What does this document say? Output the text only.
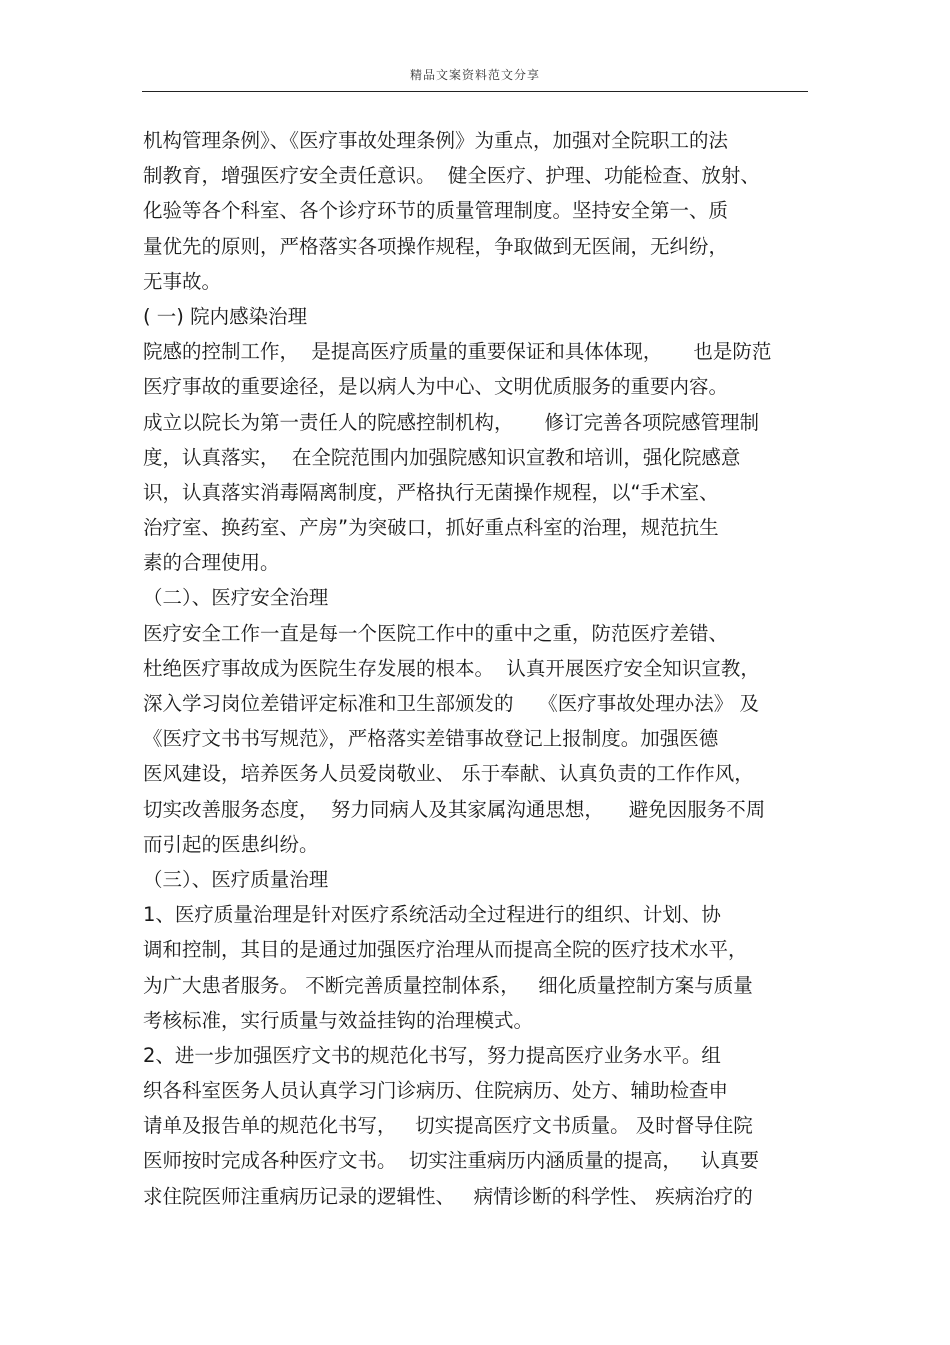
精品文案资料范文分享
机构管理条例》、《医疗事故处理条例》为重点，加强对全院职工的法
制教育，增强医疗安全责任意识。  健全医疗、护理、功能检查、放射、
化验等各个科室、各个诊疗环节的质量管理制度。坚持安全第一、质
量优先的原则，严格落实各项操作规程，争取做到无医闹，无纠纷，
无事故。
( 一) 院内感染治理
院感的控制工作，  是提高医疗质量的重要保证和具体体现，     也是防范
医疗事故的重要途径，是以病人为中心、文明优质服务的重要内容。
成立以院长为第一责任人的院感控制机构，     修订完善各项院感管理制
度，认真落实，  在全院范围内加强院感知识宣教和培训，强化院感意
识，认真落实消毒隔离制度，严格执行无菌操作规程，以“手术室、
治疗室、换药室、产房”为突破口，抓好重点科室的治理，规范抗生
素的合理使用。
（二）、医疗安全治理
医疗安全工作一直是每一个医院工作中的重中之重，防范医疗差错、
杜绝医疗事故成为医院生存发展的根本。  认真开展医疗安全知识宣教，
深入学习岗位差错评定标准和卫生部颁发的    《医疗事故处理办法》 及
《医疗文书书写规范》，严格落实差错事故登记上报制度。加强医德
医风建设，培养医务人员爱岗敬业、 乐于奉献、认真负责的工作作风，
切实改善服务态度，  努力同病人及其家属沟通思想，    避免因服务不周
而引起的医患纠纷。
（三）、医疗质量治理
1、医疗质量治理是针对医疗系统活动全过程进行的组织、计划、协
调和控制，其目的是通过加强医疗治理从而提高全院的医疗技术水平，
为广大患者服务。 不断完善质量控制体系，   细化质量控制方案与质量
考核标准，实行质量与效益挂钩的治理模式。
2、进一步加强医疗文书的规范化书写，努力提高医疗业务水平。组
织各科室医务人员认真学习门诊病历、住院病历、处方、辅助检查申
请单及报告单的规范化书写，   切实提高医疗文书质量。 及时督导住院
医师按时完成各种医疗文书。  切实注重病历内涵质量的提高，   认真要
求住院医师注重病历记录的逻辑性、   病情诊断的科学性、 疾病治疗的
